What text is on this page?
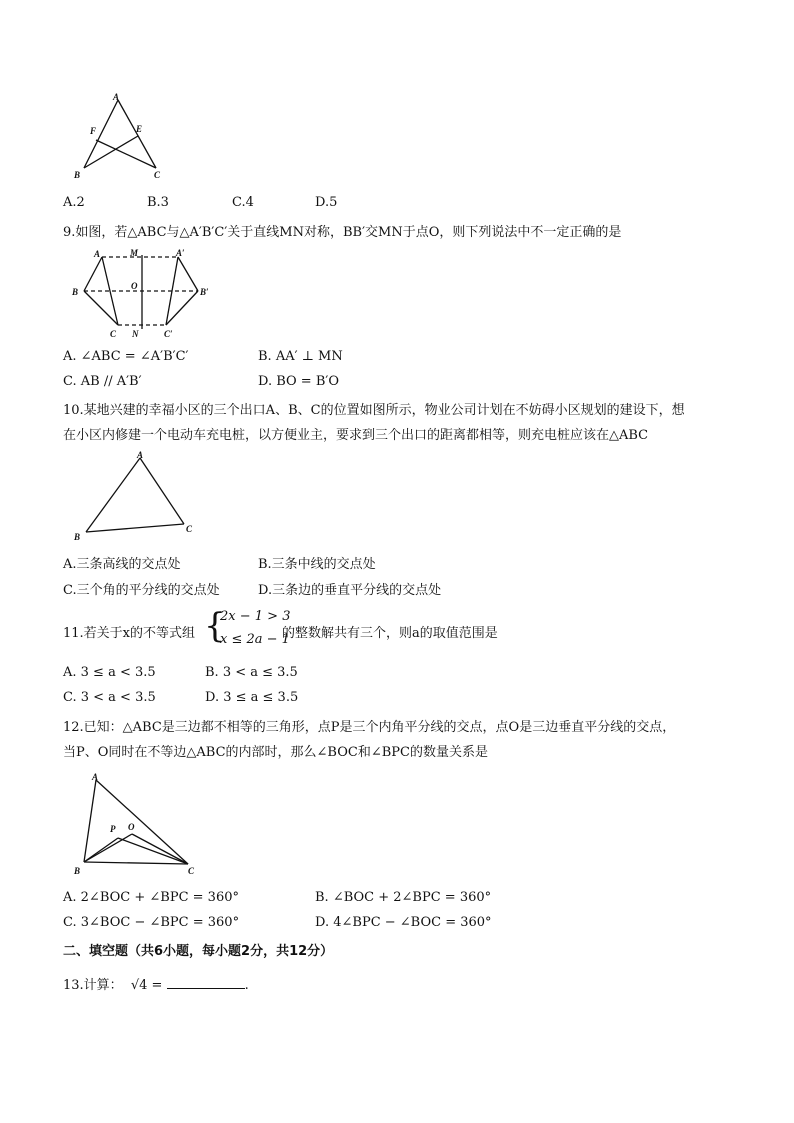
A
F	E
B	C
A.2	B.3	C.4	D.5
9.如图，若△ABC与△A′B′C′关于直线MN对称，BB′交MN于点O，则下列说法中不一定正确的是
A	M	A′
B
O
B′
C N	C′
A. ∠ABC = ∠A′B′C′	B. AA′ ⊥ MN
C. AB // A′B′	D. BO = B′O
10.某地兴建的幸福小区的三个出口A、B、C的位置如图所示，物业公司计划在不妨碍小区规划的建设下，想
在小区内修建一个电动车充电桩，以方便业主，要求到三个出口的距离都相等，则充电桩应该在△ABC
A
B
C
A.三条高线的交点处	B.三条中线的交点处
C.三个角的平分线的交点处	D.三条边的垂直平分线的交点处
11.若关于x的不等式组 {
2x − 1 > 3
x ≤ 2a − 1
的整数解共有三个，则a的取值范围是
A. 3 ≤ a < 3.5	B. 3 < a ≤ 3.5
C. 3 < a < 3.5	D. 3 ≤ a ≤ 3.5
12.已知：△ABC是三边都不相等的三角形，点P是三个内角平分线的交点，点O是三边垂直平分线的交点，
当P、O同时在不等边△ABC的内部时，那么∠BOC和∠BPC的数量关系是
A
P O
B	C
A. 2∠BOC + ∠BPC = 360°	B. ∠BOC + 2∠BPC = 360°
C. 3∠BOC − ∠BPC = 360°	D. 4∠BPC − ∠BOC = 360°
二、填空题（共6小题，每小题2分，共12分）
13.计算： √4 =	.
